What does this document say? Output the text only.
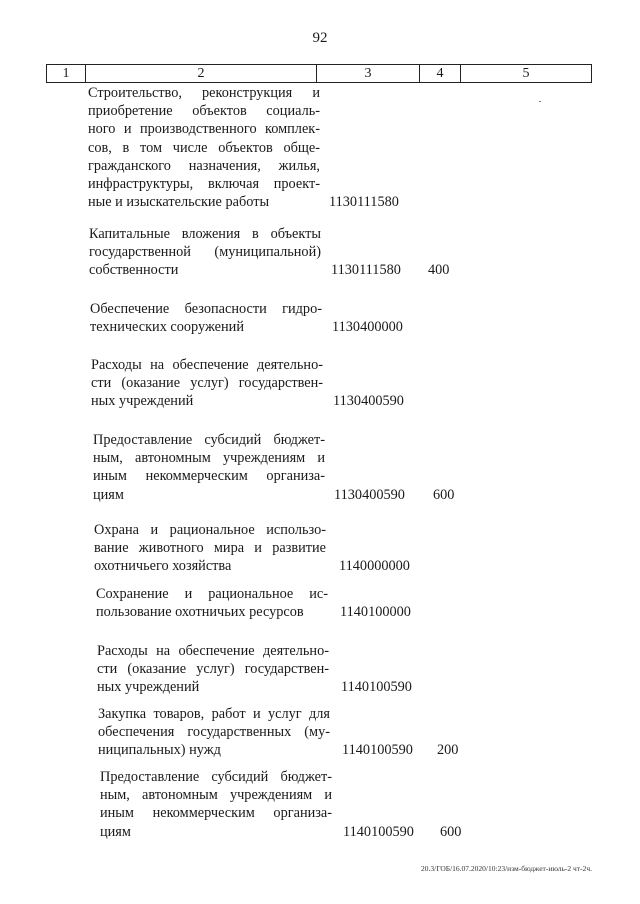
92
1	2	3	4	5
Строительство, реконструкция и
приобретение объектов социаль-
ного и производственного комплек-
сов, в том числе объектов обще-
гражданского назначения, жилья,
инфраструктуры, включая проект-
ные и изыскательские работы	1130111580
Капитальные вложения в объекты
государственной (муниципальной)
собственности	1130111580 400
Обеспечение безопасности гидро-
технических сооружений	1130400000
Расходы на обеспечение деятельно-
сти (оказание услуг) государствен-
ных учреждений	1130400590
Предоставление субсидий бюджет-
ным, автономным учреждениям и
иным некоммерческим организа-
циям	1130400590 600
Охрана и рациональное использо-
вание животного мира и развитие
охотничьего хозяйства	1140000000
Сохранение и рациональное ис-
пользование охотничьих ресурсов	1140100000
Расходы на обеспечение деятельно-
сти (оказание услуг) государствен-
ных учреждений	1140100590
Закупка товаров, работ и услуг для
обеспечения государственных (му-
ниципальных) нужд	1140100590 200
Предоставление субсидий бюджет-
ным, автономным учреждениям и
иным некоммерческим организа-
циям	1140100590 600
20.3/ГОБ/16.07.2020/10:23/изм-бюджет-июль-2 чт-2ч.
